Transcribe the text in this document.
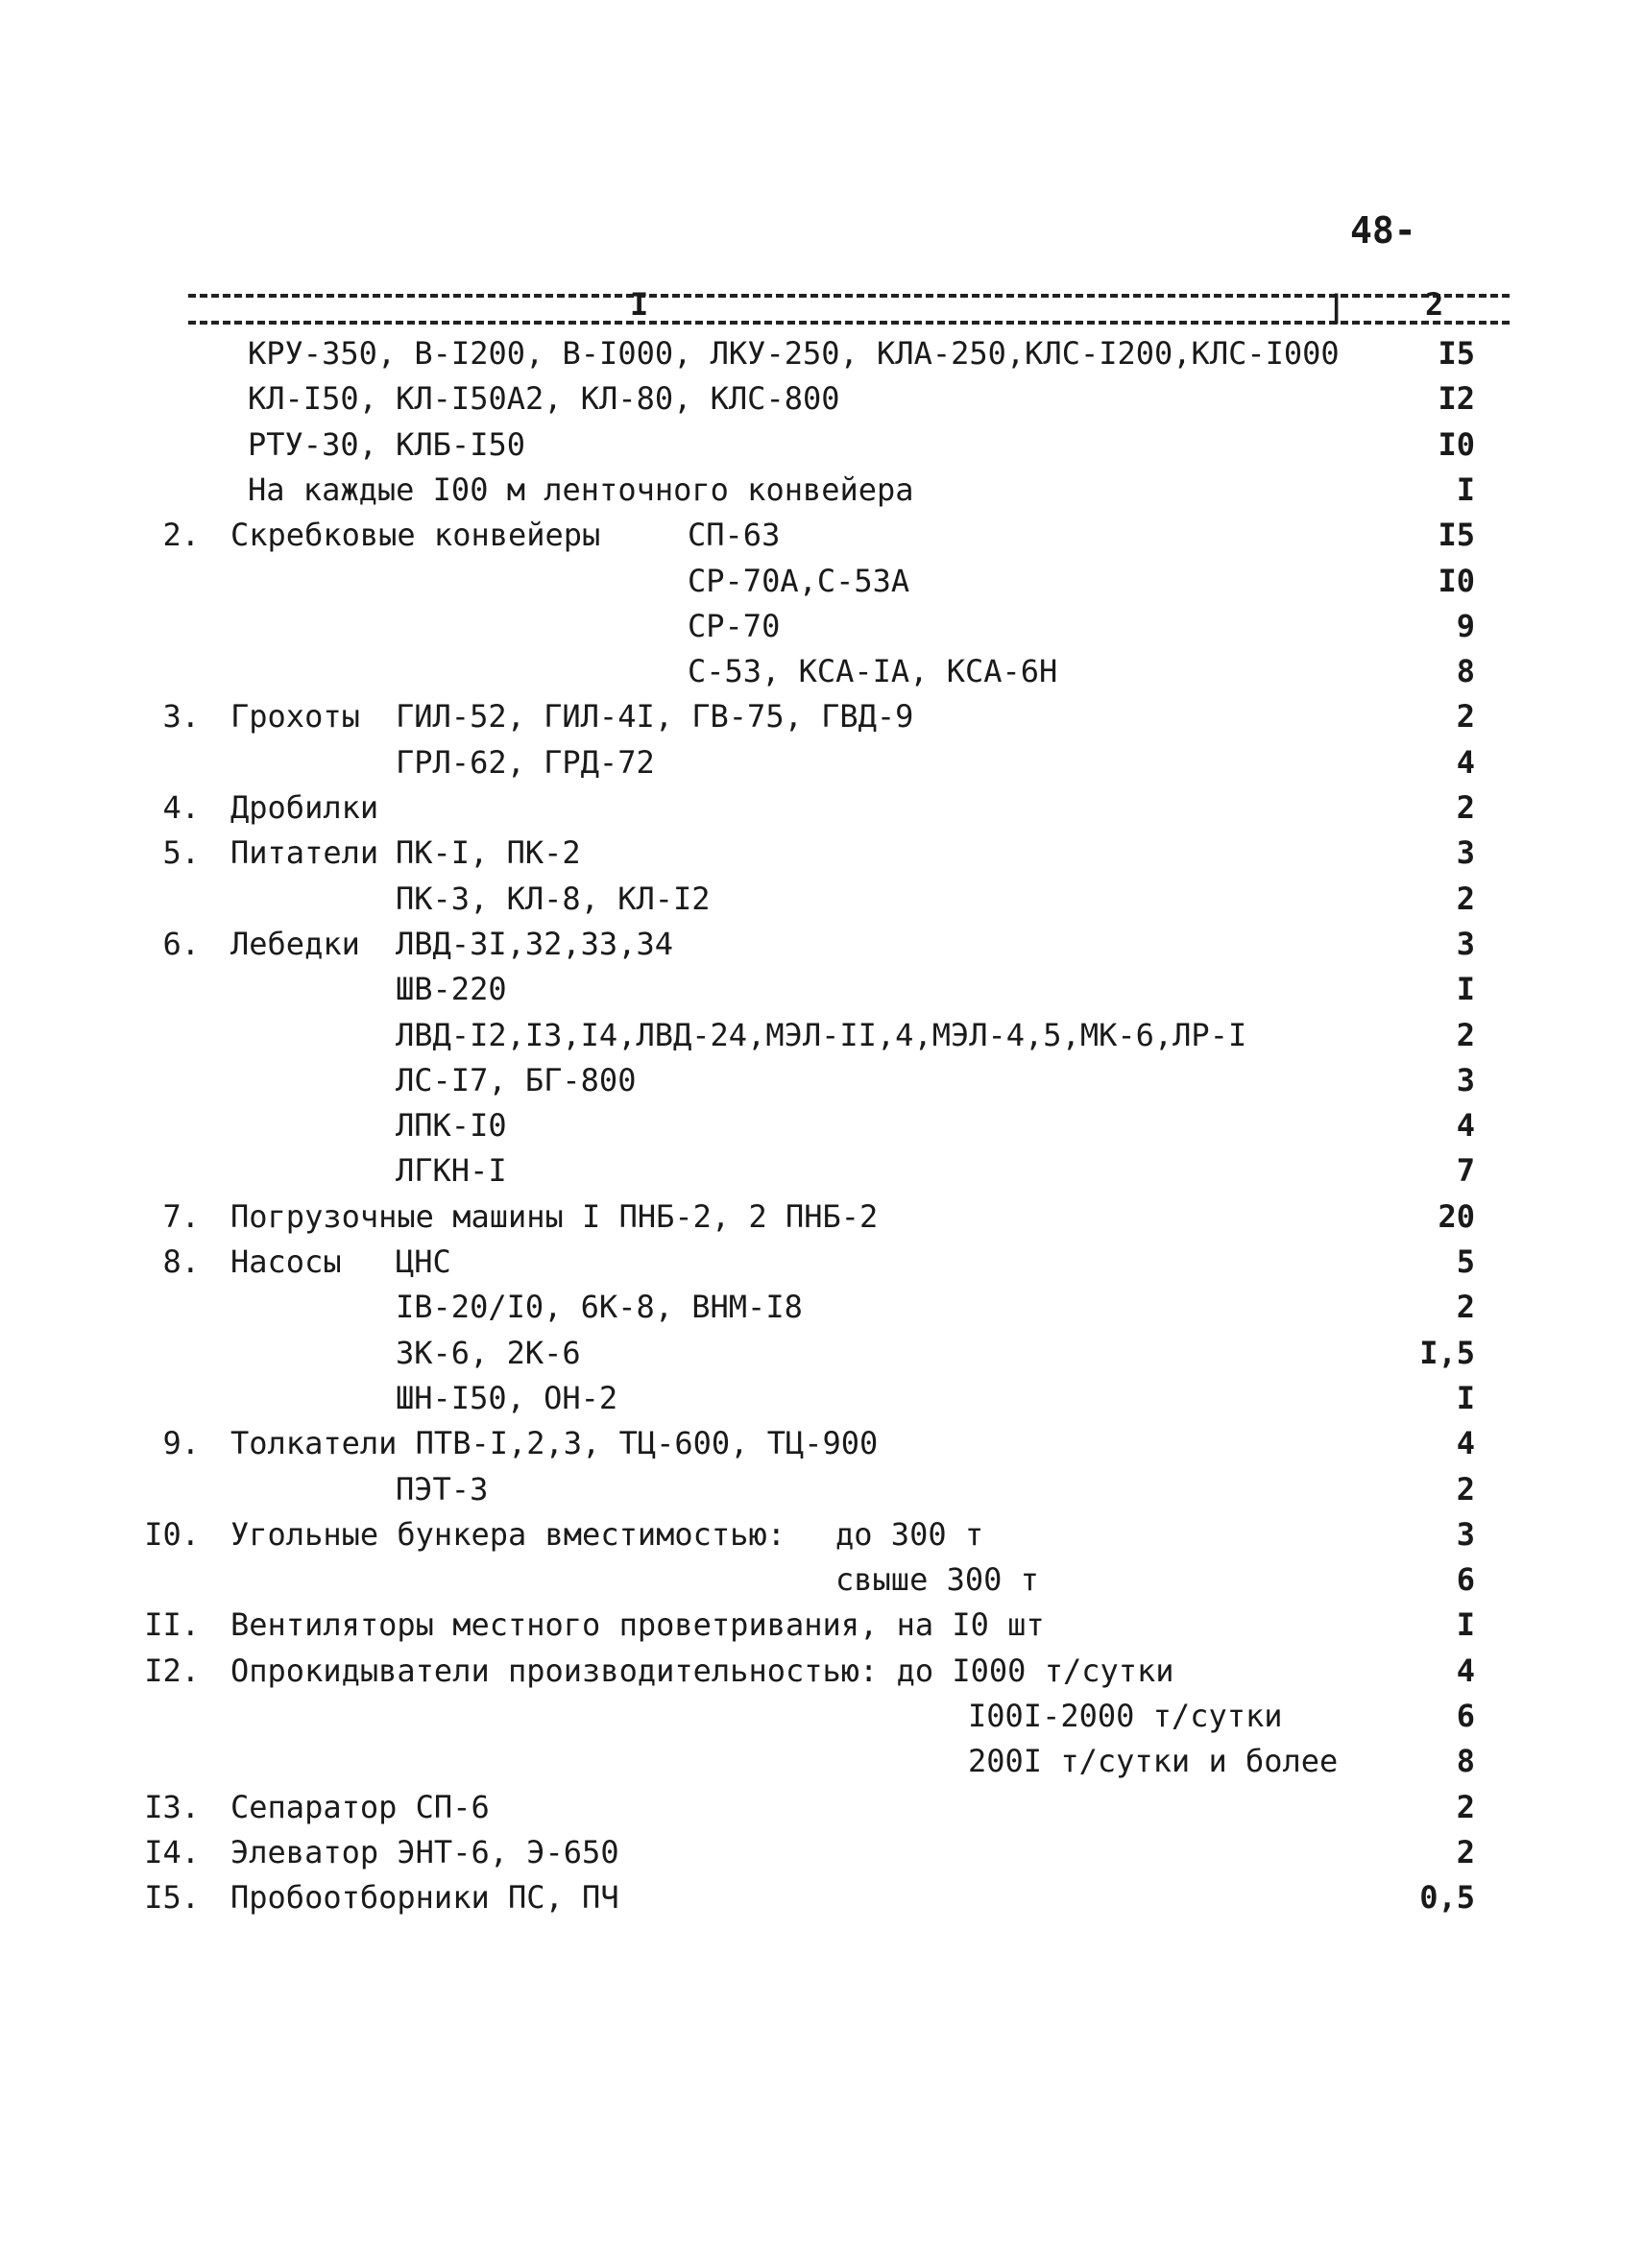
48-
I	|	2
КРУ-350, В-I200, В-I000, ЛКУ-250, КЛА-250,КЛС-I200,КЛС-I000	I5
КЛ-I50, КЛ-I50А2, КЛ-80, КЛС-800	I2
РТУ-30, КЛБ-I50	I0
На каждые I00 м ленточного конвейера	I
2. Скребковые конвейеры	СП-63	I5
СР-70А,С-53А	I0
СР-70	9
С-53, КСА-IА, КСА-6Н	8
3. Грохоты ГИЛ-52, ГИЛ-4I, ГВ-75, ГВД-9	2
ГРЛ-62, ГРД-72	4
4. Дробилки	2
5. Питатели ПК-I, ПК-2	3
ПК-3, КЛ-8, КЛ-I2	2
6. Лебедки ЛВД-3I,32,33,34	3
ШВ-220	I
ЛВД-I2,I3,I4,ЛВД-24,МЭЛ-II,4,МЭЛ-4,5,МК-6,ЛР-I	2
ЛС-I7, БГ-800	3
ЛПК-I0	4
ЛГКН-I	7
7. Погрузочные машины I ПНБ-2, 2 ПНБ-2	20
8. Насосы ЦНС	5
IВ-20/I0, 6К-8, ВНМ-I8	2
3К-6, 2К-6	I,5
ШН-I50, ОН-2	I
9. Толкатели ПТВ-I,2,3, ТЦ-600, ТЦ-900	4
ПЭТ-3	2
I0. Угольные бункера вместимостью: до 300 т	3
свыше 300 т	6
II. Вентиляторы местного проветривания, на I0 шт	I
I2. Опрокидыватели производительностью: до I000 т/сутки	4
I00I-2000 т/сутки	6
200I т/сутки и более	8
I3. Сепаратор СП-6	2
I4. Элеватор ЭНТ-6, Э-650	2
I5. Пробоотборники ПС, ПЧ	0,5
